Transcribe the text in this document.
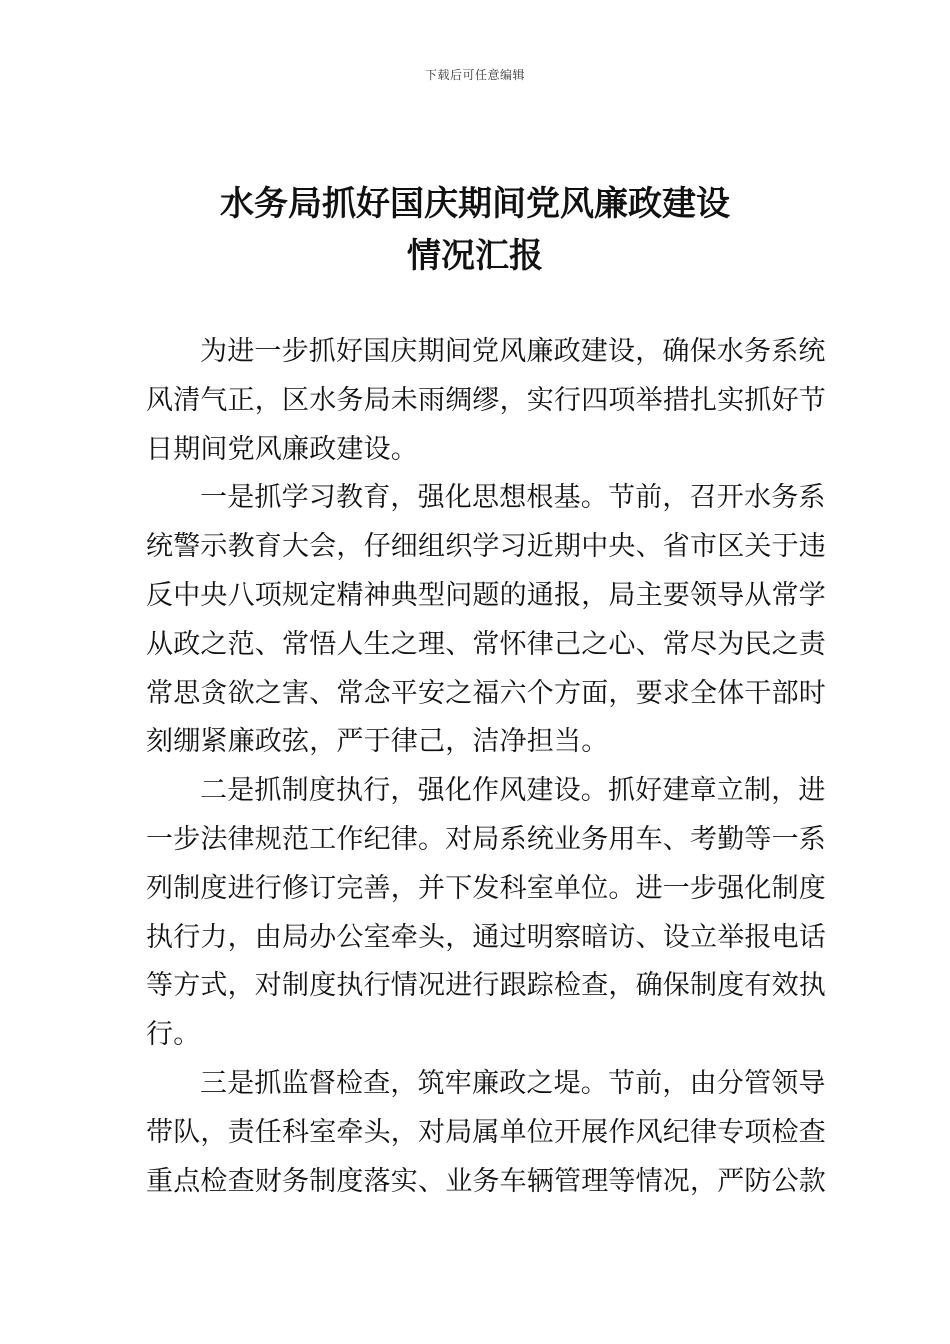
下载后可任意编辑
水务局抓好国庆期间党风廉政建设
情况汇报
为进一步抓好国庆期间党风廉政建设，确保水务系统
风清气正，区水务局未雨绸缪，实行四项举措扎实抓好节
日期间党风廉政建设。
一是抓学习教育，强化思想根基。节前，召开水务系
统警示教育大会，仔细组织学习近期中央、省市区关于违
反中央八项规定精神典型问题的通报，局主要领导从常学
从政之范、常悟人生之理、常怀律己之心、常尽为民之责
常思贪欲之害、常念平安之福六个方面，要求全体干部时
刻绷紧廉政弦，严于律己，洁净担当。
二是抓制度执行，强化作风建设。抓好建章立制，进
一步法律规范工作纪律。对局系统业务用车、考勤等一系
列制度进行修订完善，并下发科室单位。进一步强化制度
执行力，由局办公室牵头，通过明察暗访、设立举报电话
等方式，对制度执行情况进行跟踪检查，确保制度有效执
行。
三是抓监督检查，筑牢廉政之堤。节前，由分管领导
带队，责任科室牵头，对局属单位开展作风纪律专项检查
重点检查财务制度落实、业务车辆管理等情况，严防公款
